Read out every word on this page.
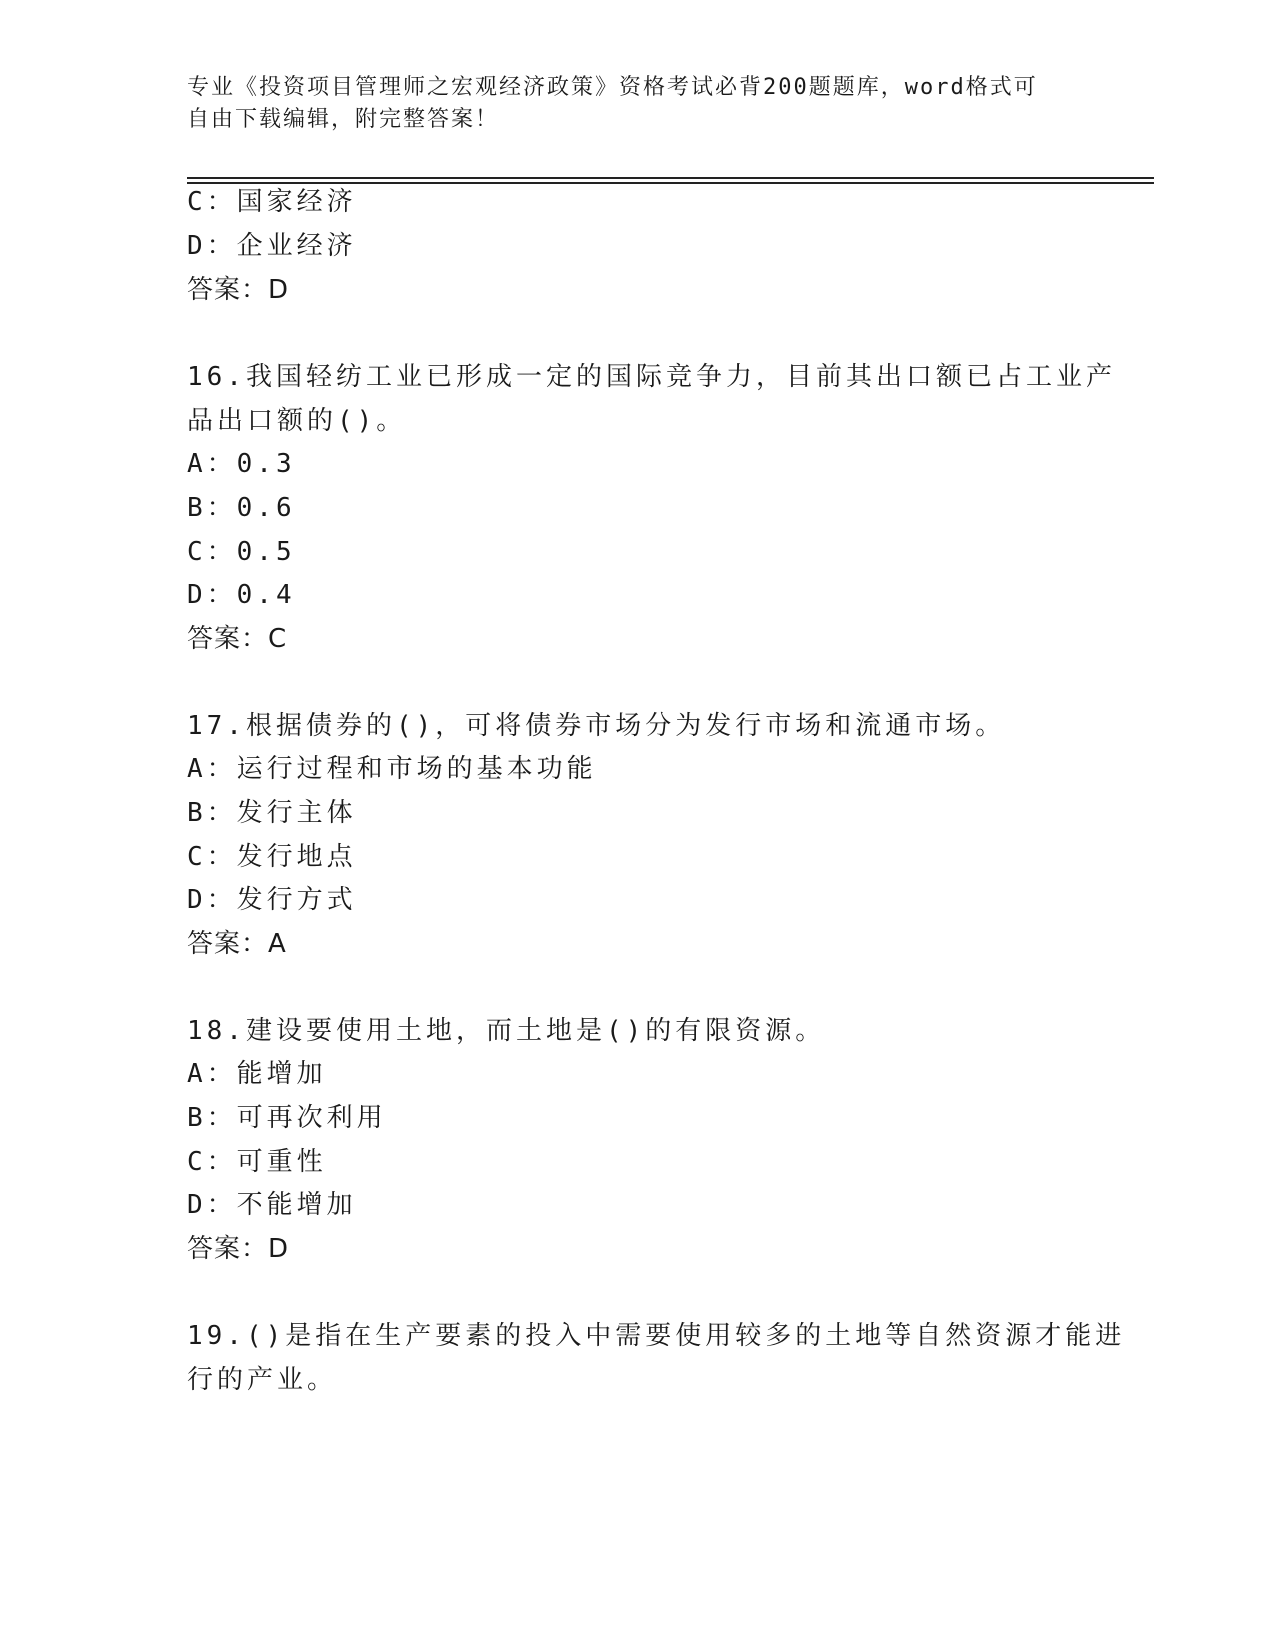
专业《投资项目管理师之宏观经济政策》资格考试必背200题题库，word格式可
自由下载编辑，附完整答案！
C：国家经济
D：企业经济
答案：D
16.我国轻纺工业已形成一定的国际竞争力，目前其出口额已占工业产
品出口额的()。
A：0.3
B：0.6
C：0.5
D：0.4
答案：C
17.根据债券的()，可将债券市场分为发行市场和流通市场。
A：运行过程和市场的基本功能
B：发行主体
C：发行地点
D：发行方式
答案：A
18.建设要使用土地，而土地是()的有限资源。
A：能增加
B：可再次利用
C：可重性
D：不能增加
答案：D
19.()是指在生产要素的投入中需要使用较多的土地等自然资源才能进
行的产业。
